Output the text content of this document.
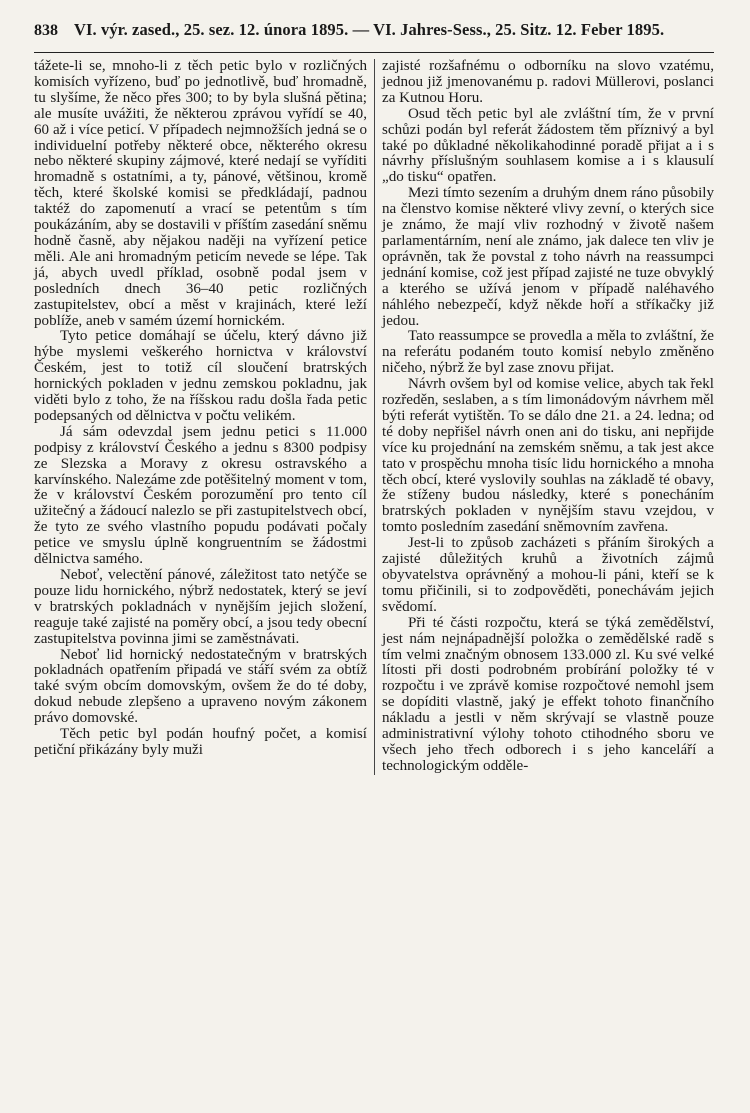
838 VI. výr. zased., 25. sez. 12. února 1895. — VI. Jahres-Sess., 25. Sitz. 12. Feber 1895.

tážete-li se, mnoho-li z těch petic bylo v rozličných komisích vyřízeno, buď po jednotlivě, buď hromadně, tu slyšíme, že něco přes 300; to by byla slušná pětina; ale musíte uvážiti, že některou zprávou vyřídí se 40, 60 až i více peticí. V případech nejmnožších jedná se o individuelní potřeby některé obce, některého okresu nebo některé skupiny zájmové, které nedají se vyříditi hromadně s ostatními, a ty, pánové, většinou, kromě těch, které školské komisi se předkládají, padnou taktéž do zapomenutí a vrací se petentům s tím poukázáním, aby se dostavili v příštím zasedání sněmu hodně časně, aby nějakou naději na vyřízení petice měli. Ale ani hromadným peticím nevede se lépe. Tak já, abych uvedl příklad, osobně podal jsem v posledních dnech 36–40 petic rozličných zastupitelstev, obcí a měst v krajinách, které leží poblíže, aneb v samém území hornickém.

Tyto petice domáhají se účelu, který dávno již hýbe myslemi veškerého hornictva v království Českém, jest to totiž cíl sloučení bratrských hornických pokladen v jednu zemskou pokladnu, jak viděti bylo z toho, že na říšskou radu došla řada petic podepsaných od dělnictva v počtu velikém.

Já sám odevzdal jsem jednu petici s 11.000 podpisy z království Českého a jednu s 8300 podpisy ze Slezska a Moravy z okresu ostravského a karvínského. Nalezáme zde potěšitelný moment v tom, že v království Českém porozumění pro tento cíl užitečný a žádoucí nalezlo se při zastupitelstvech obcí, že tyto ze svého vlastního popudu podávati počaly petice ve smyslu úplně kongruentním se žádostmi dělnictva samého.

Neboť, velectění pánové, záležitost tato netýče se pouze lidu hornického, nýbrž nedostatek, který se jeví v bratrských pokladnách v nynějším jejich složení, reaguje také zajisté na poměry obcí, a jsou tedy obecní zastupitelstva povinna jimi se zaměstnávati.

Neboť lid hornický nedostatečným v bratrských pokladnách opatřením připadá ve stáří svém za obtíž také svým obcím domovským, ovšem že do té doby, dokud nebude zlepšeno a upraveno novým zákonem právo domovské.

Těch petic byl podán houfný počet, a komisí petiční přikázány byly muži

zajisté rozšafnému o odborníku na slovo vzatému, jednou již jmenovanému p. radovi Müllerovi, poslanci za Kutnou Horu.

Osud těch petic byl ale zvláštní tím, že v první schůzi podán byl referát žádostem těm příznivý a byl také po důkladné několikahodinné poradě přijat a i s návrhy příslušným souhlasem komise a i s klausulí „do tisku“ opatřen.

Mezi tímto sezením a druhým dnem ráno působily na členstvo komise některé vlivy zevní, o kterých sice je známo, že mají vliv rozhodný v životě našem parlamentárním, není ale známo, jak dalece ten vliv je oprávněn, tak že povstal z toho návrh na reassumpci jednání komise, což jest případ zajisté ne tuze obvyklý a kterého se užívá jenom v případě naléhavého náhlého nebezpečí, když někde hoří a stříkačky již jedou.

Tato reassumpce se provedla a měla to zvláštní, že na referátu podaném touto komisí nebylo změněno ničeho, nýbrž že byl zase znovu přijat.

Návrh ovšem byl od komise velice, abych tak řekl rozředěn, seslaben, a s tím limonádovým návrhem měl býti referát vytištěn. To se dálo dne 21. a 24. ledna; od té doby nepřišel návrh onen ani do tisku, ani nepřijde více ku projednání na zemském sněmu, a tak jest akce tato v prospěchu mnoha tisíc lidu hornického a mnoha těch obcí, které vyslovily souhlas na základě té obavy, že stíženy budou následky, které s ponecháním bratrských pokladen v nynějším stavu vzejdou, v tomto posledním zasedání sněmovním zavřena.

Jest-li to způsob zacházeti s přáním širokých a zajisté důležitých kruhů a životních zájmů obyvatelstva oprávněný a mohou-li páni, kteří se k tomu přičinili, si to zodpověděti, ponechávám jejich svědomí.

Při té části rozpočtu, která se týká zemědělství, jest nám nejnápadnější položka o zemědělské radě s tím velmi značným obnosem 133.000 zl. Ku své velké lítosti při dosti podrobném probírání položky té v rozpočtu i ve zprávě komise rozpočtové nemohl jsem se dopíditi vlastně, jaký je effekt tohoto finančního nákladu a jestli v něm skrývají se vlastně pouze administrativní výlohy tohoto ctihodného sboru ve všech jeho třech odborech i s jeho kanceláří a technologickým odděle-
